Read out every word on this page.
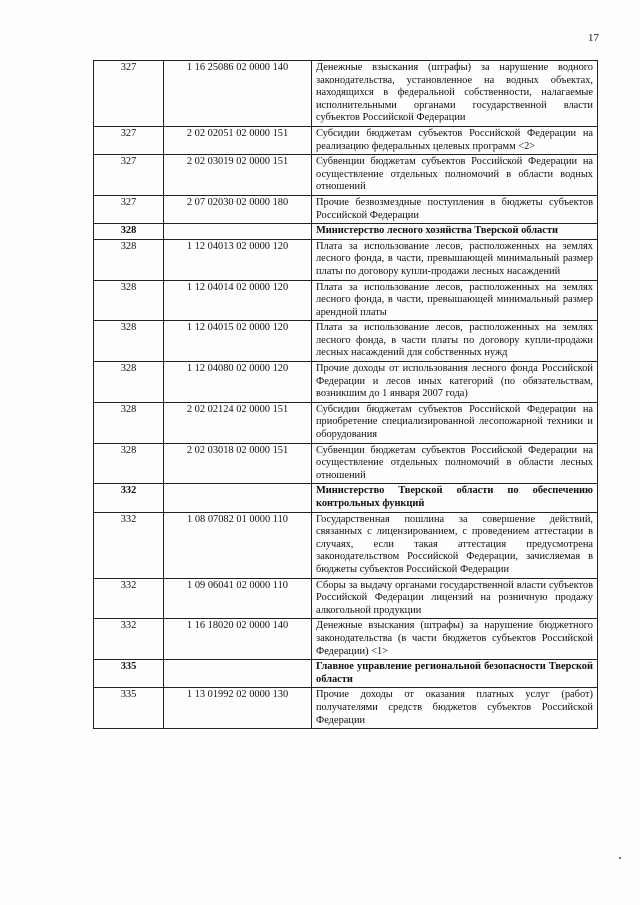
17
327	1 16 25086 02 0000 140	Денежные взыскания (штрафы) за нарушение водного законодательства, установленное на водных объектах, находящихся в федеральной собственности, налагаемые исполнительными органами государственной власти субъектов Российской Федерации
327	2 02 02051 02 0000 151	Субсидии бюджетам субъектов Российской Федерации на реализацию федеральных целевых программ <2>
327	2 02 03019 02 0000 151	Субвенции бюджетам субъектов Российской Федерации на осуществление отдельных полномочий в области водных отношений
327	2 07 02030 02 0000 180	Прочие безвозмездные поступления в бюджеты субъектов Российской Федерации
328		Министерство лесного хозяйства Тверской области
328	1 12 04013 02 0000 120	Плата за использование лесов, расположенных на землях лесного фонда, в части, превышающей минимальный размер платы по договору купли-продажи лесных насаждений
328	1 12 04014 02 0000 120	Плата за использование лесов, расположенных на землях лесного фонда, в части, превышающей минимальный размер арендной платы
328	1 12 04015 02 0000 120	Плата за использование лесов, расположенных на землях лесного фонда, в части платы по договору купли-продажи лесных насаждений для собственных нужд
328	1 12 04080 02 0000 120	Прочие доходы от использования лесного фонда Российской Федерации и лесов иных категорий (по обязательствам, возникшим до 1 января 2007 года)
328	2 02 02124 02 0000 151	Субсидии бюджетам субъектов Российской Федерации на приобретение специализированной лесопожарной техники и оборудования
328	2 02 03018 02 0000 151	Субвенции бюджетам субъектов Российской Федерации на осуществление отдельных полномочий в области лесных отношений
332		Министерство Тверской области по обеспечению контрольных функций
332	1 08 07082 01 0000 110	Государственная пошлина за совершение действий, связанных с лицензированием, с проведением аттестации в случаях, если такая аттестация предусмотрена законодательством Российской Федерации, зачисляемая в бюджеты субъектов Российской Федерации
332	1 09 06041 02 0000 110	Сборы за выдачу органами государственной власти субъектов Российской Федерации лицензий на розничную продажу алкогольной продукции
332	1 16 18020 02 0000 140	Денежные взыскания (штрафы) за нарушение бюджетного законодательства (в части бюджетов субъектов Российской Федерации) <1>
335		Главное управление региональной безопасности Тверской области
335	1 13 01992 02 0000 130	Прочие доходы от оказания платных услуг (работ) получателями средств бюджетов субъектов Российской Федерации
